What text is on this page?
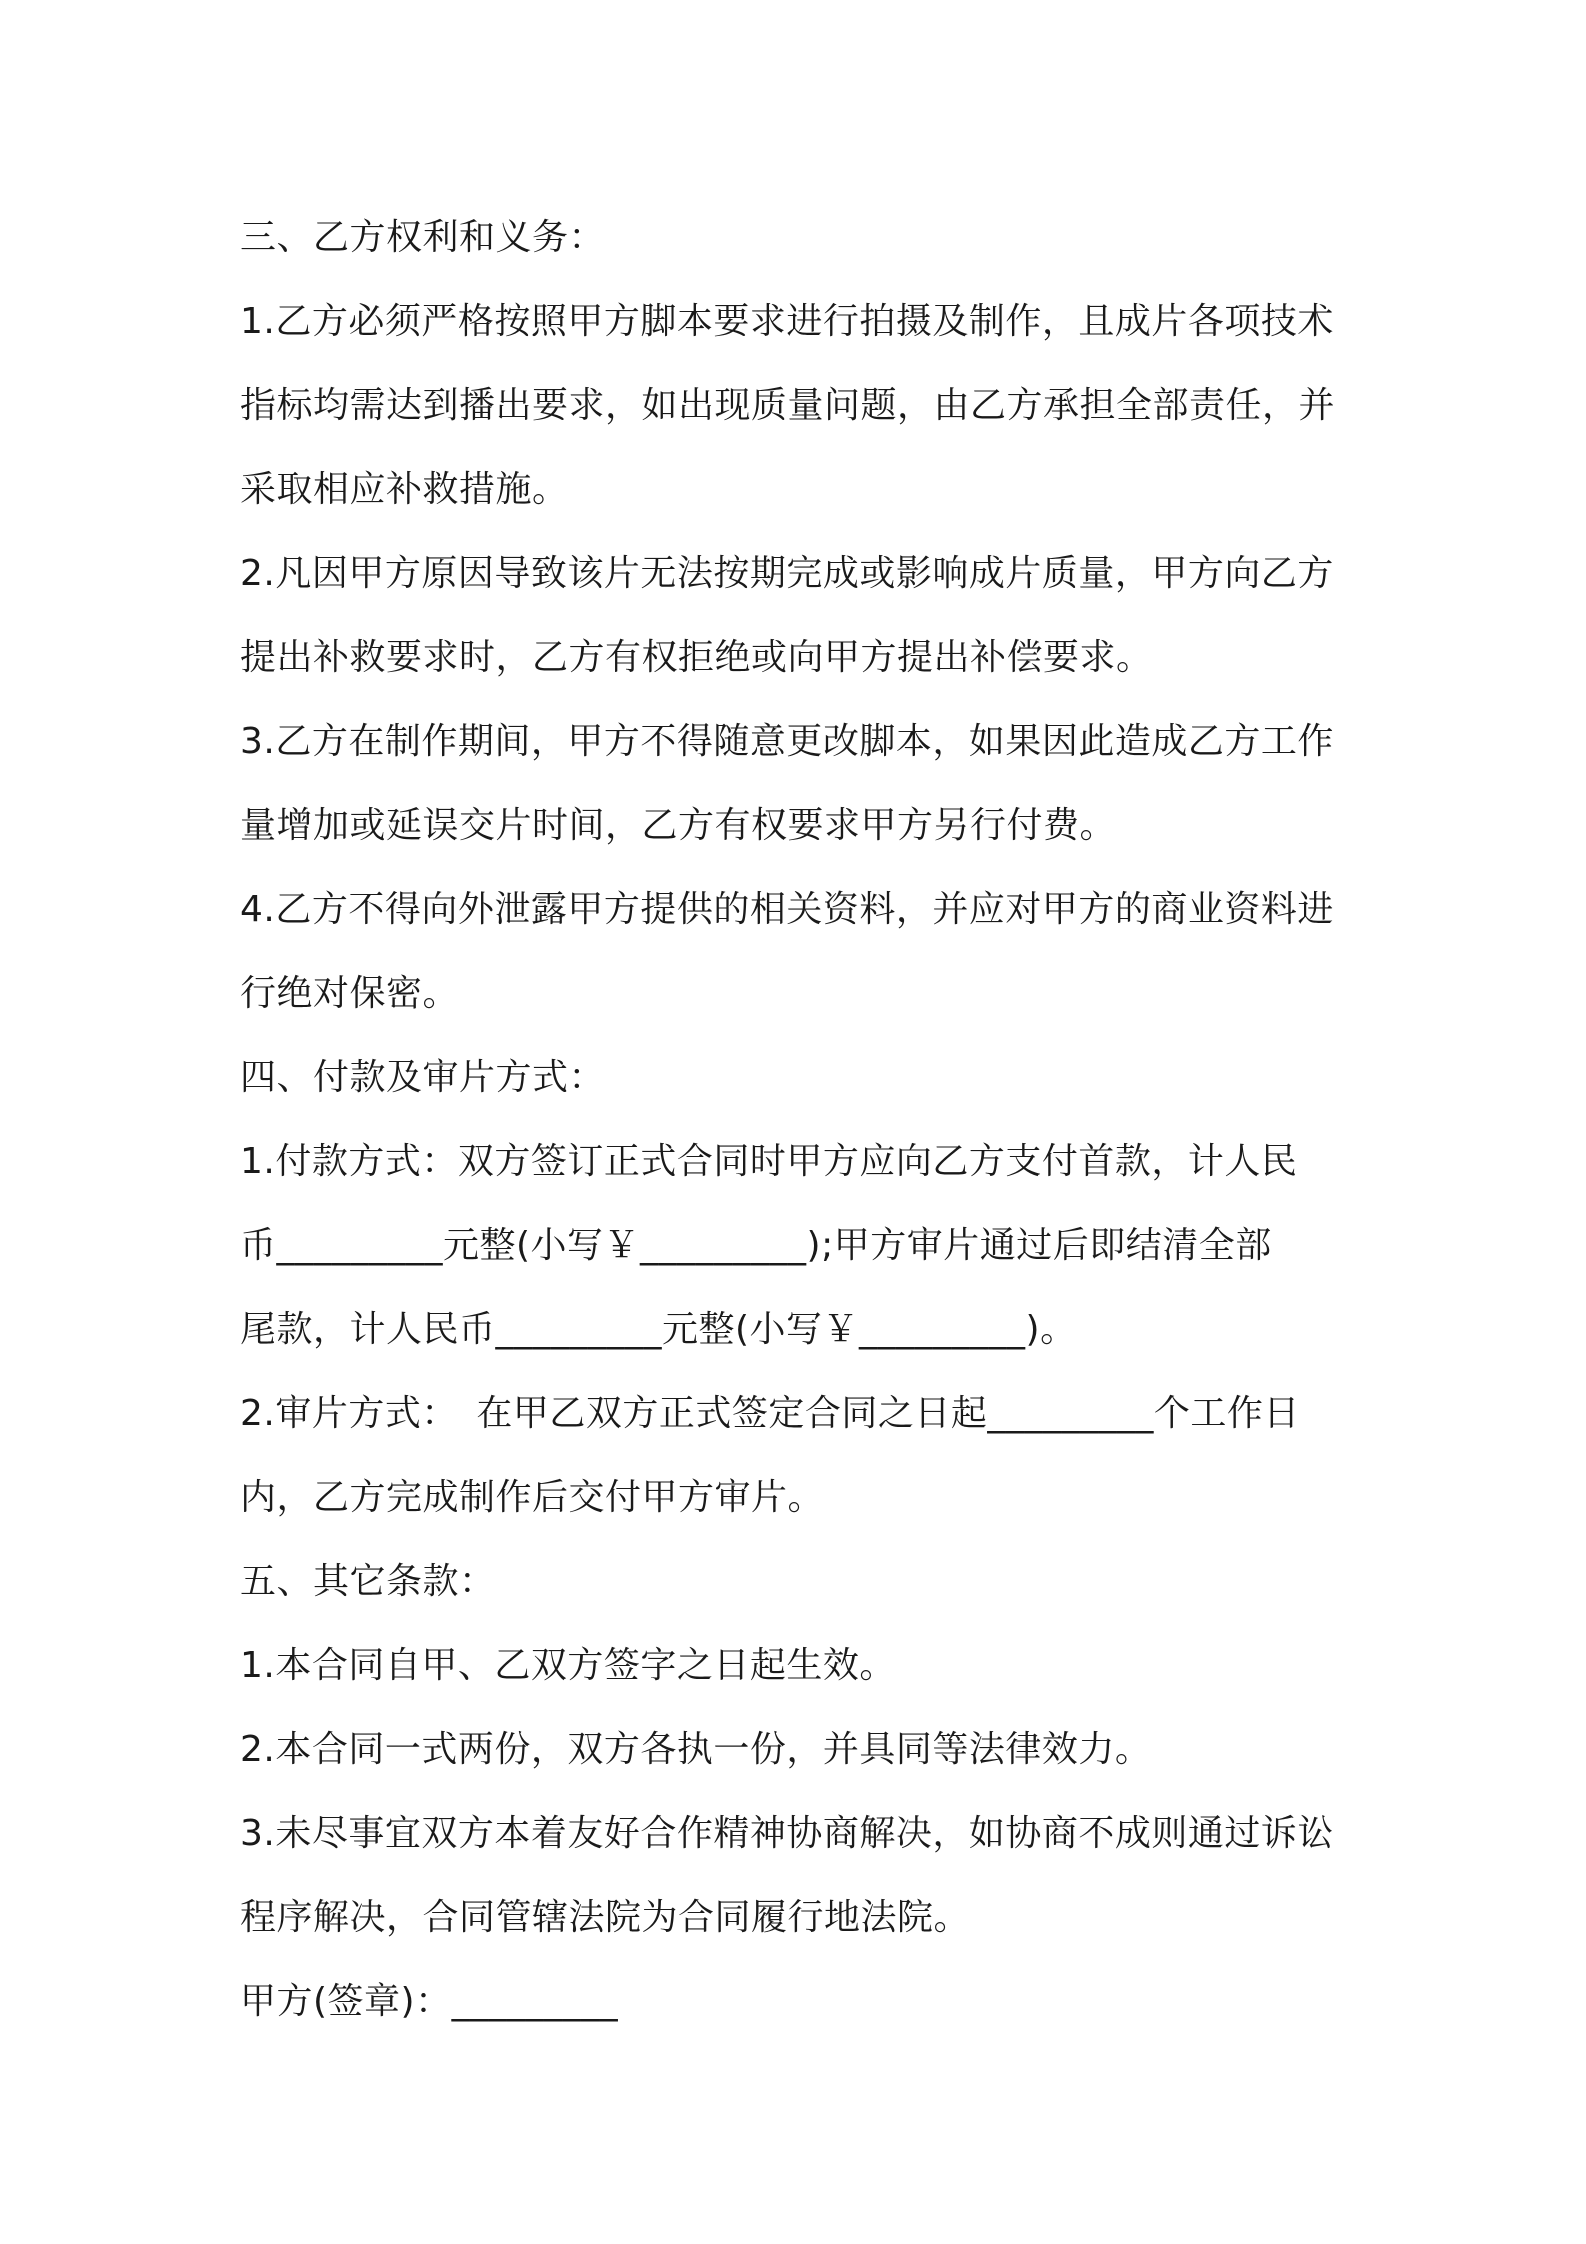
三、乙方权利和义务：
1.乙方必须严格按照甲方脚本要求进行拍摄及制作，且成片各项技术
指标均需达到播出要求，如出现质量问题，由乙方承担全部责任，并
采取相应补救措施。
2.凡因甲方原因导致该片无法按期完成或影响成片质量，甲方向乙方
提出补救要求时，乙方有权拒绝或向甲方提出补偿要求。
3.乙方在制作期间，甲方不得随意更改脚本，如果因此造成乙方工作
量增加或延误交片时间，乙方有权要求甲方另行付费。
4.乙方不得向外泄露甲方提供的相关资料，并应对甲方的商业资料进
行绝对保密。
四、付款及审片方式：
1.付款方式：双方签订正式合同时甲方应向乙方支付首款，计人民
币_________元整(小写￥_________);甲方审片通过后即结清全部
尾款，计人民币_________元整(小写￥_________)。
2.审片方式：　在甲乙双方正式签定合同之日起_________个工作日
内，乙方完成制作后交付甲方审片。
五、其它条款：
1.本合同自甲、乙双方签字之日起生效。
2.本合同一式两份，双方各执一份，并具同等法律效力。
3.未尽事宜双方本着友好合作精神协商解决，如协商不成则通过诉讼
程序解决，合同管辖法院为合同履行地法院。
甲方(签章)：_________
